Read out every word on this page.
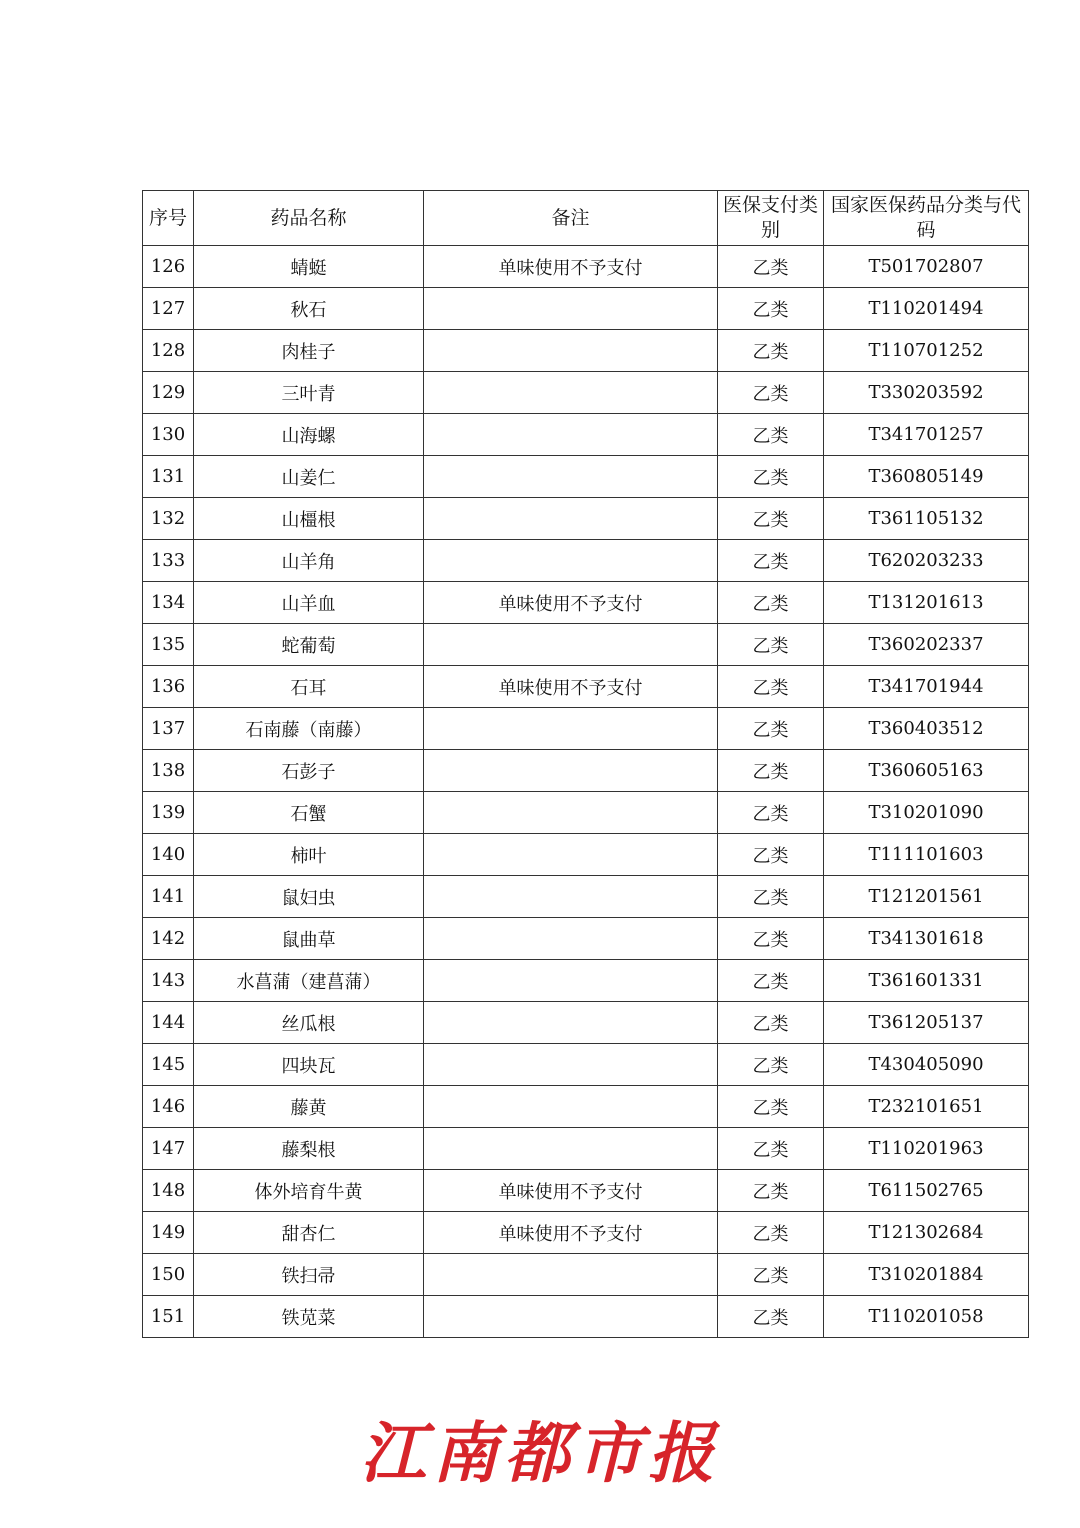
序号	药品名称	备注	医保支付类别	国家医保药品分类与代码
126	蜻蜓	单味使用不予支付	乙类	T501702807
127	秋石		乙类	T110201494
128	肉桂子		乙类	T110701252
129	三叶青		乙类	T330203592
130	山海螺		乙类	T341701257
131	山姜仁		乙类	T360805149
132	山橿根		乙类	T361105132
133	山羊角		乙类	T620203233
134	山羊血	单味使用不予支付	乙类	T131201613
135	蛇葡萄		乙类	T360202337
136	石耳	单味使用不予支付	乙类	T341701944
137	石南藤（南藤）		乙类	T360403512
138	石彭子		乙类	T360605163
139	石蟹		乙类	T310201090
140	柿叶		乙类	T111101603
141	鼠妇虫		乙类	T121201561
142	鼠曲草		乙类	T341301618
143	水菖蒲（建菖蒲）		乙类	T361601331
144	丝瓜根		乙类	T361205137
145	四块瓦		乙类	T430405090
146	藤黄		乙类	T232101651
147	藤梨根		乙类	T110201963
148	体外培育牛黄	单味使用不予支付	乙类	T611502765
149	甜杏仁	单味使用不予支付	乙类	T121302684
150	铁扫帚		乙类	T310201884
151	铁苋菜		乙类	T110201058
江南都市报
